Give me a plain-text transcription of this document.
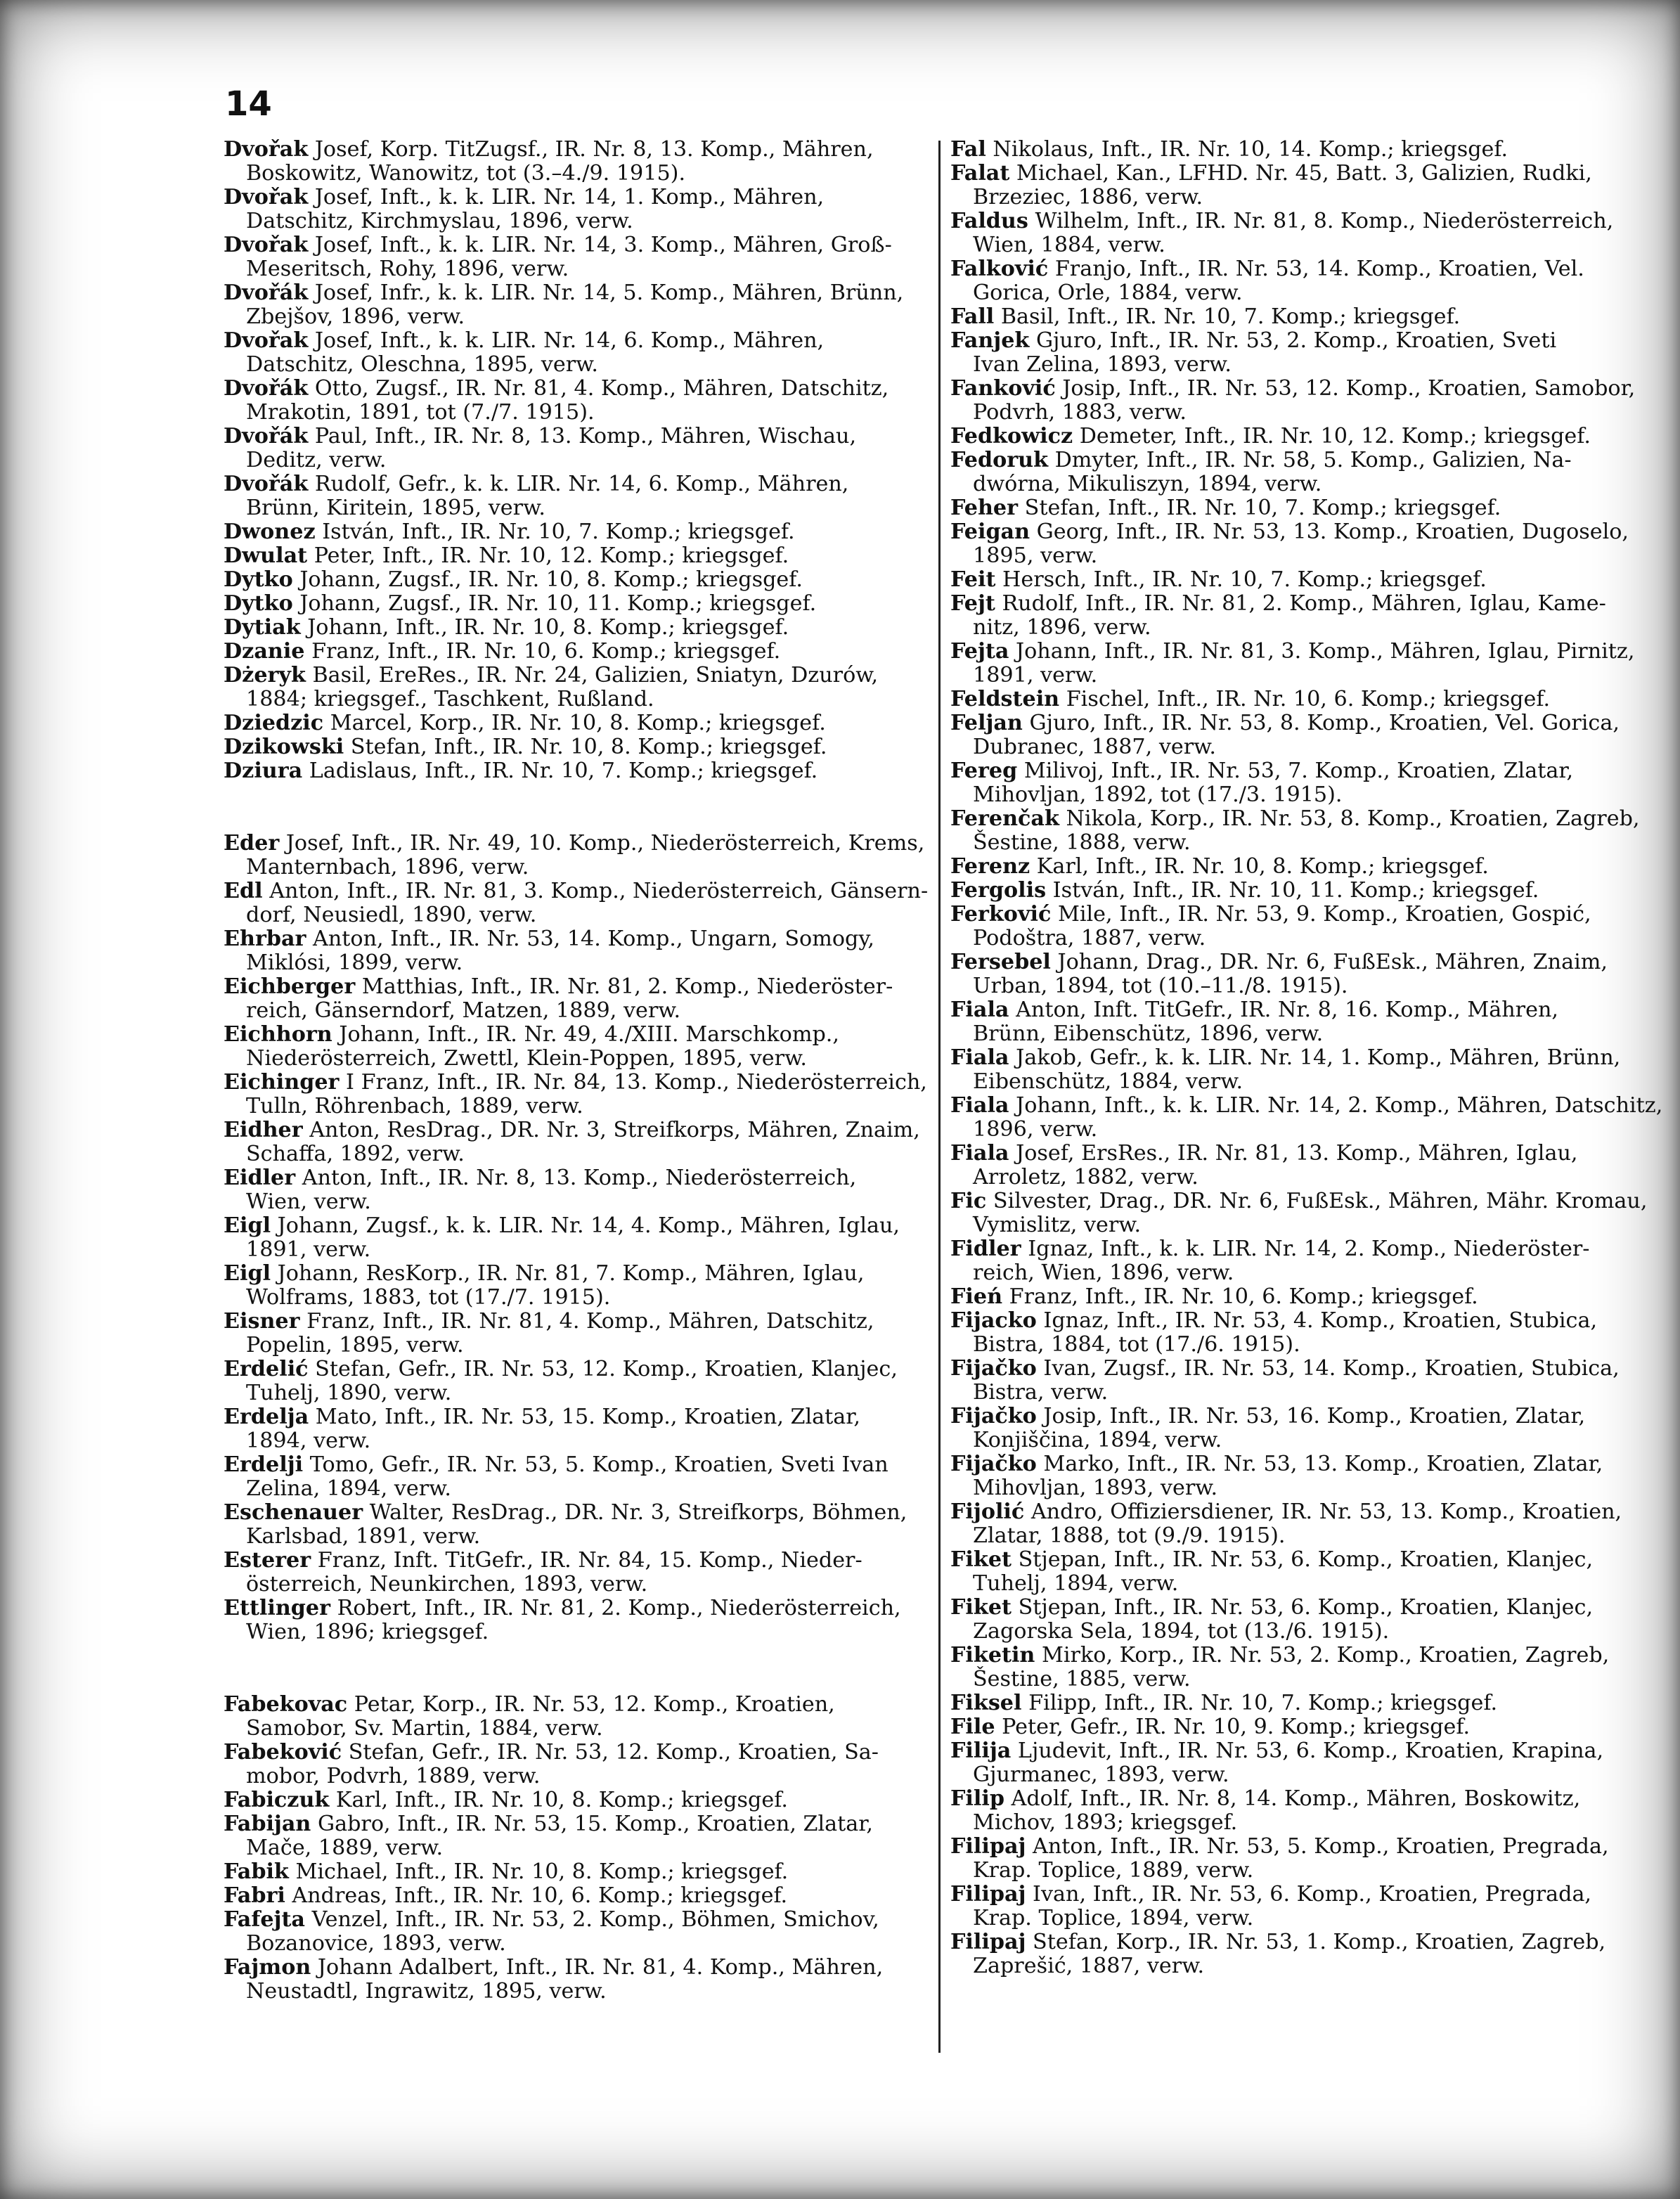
14
Dvořak Josef, Korp. TitZugsf., IR. Nr. 8, 13. Komp., Mähren,
Boskowitz, Wanowitz, tot (3.–4./9. 1915).
Dvořak Josef, Inft., k. k. LIR. Nr. 14, 1. Komp., Mähren,
Datschitz, Kirchmyslau, 1896, verw.
Dvořak Josef, Inft., k. k. LIR. Nr. 14, 3. Komp., Mähren, Groß-
Meseritsch, Rohy, 1896, verw.
Dvořák Josef, Infr., k. k. LIR. Nr. 14, 5. Komp., Mähren, Brünn,
Zbejšov, 1896, verw.
Dvořak Josef, Inft., k. k. LIR. Nr. 14, 6. Komp., Mähren,
Datschitz, Oleschna, 1895, verw.
Dvořák Otto, Zugsf., IR. Nr. 81, 4. Komp., Mähren, Datschitz,
Mrakotin, 1891, tot (7./7. 1915).
Dvořák Paul, Inft., IR. Nr. 8, 13. Komp., Mähren, Wischau,
Deditz, verw.
Dvořák Rudolf, Gefr., k. k. LIR. Nr. 14, 6. Komp., Mähren,
Brünn, Kiritein, 1895, verw.
Dwonez István, Inft., IR. Nr. 10, 7. Komp.; kriegsgef.
Dwulat Peter, Inft., IR. Nr. 10, 12. Komp.; kriegsgef.
Dytko Johann, Zugsf., IR. Nr. 10, 8. Komp.; kriegsgef.
Dytko Johann, Zugsf., IR. Nr. 10, 11. Komp.; kriegsgef.
Dytiak Johann, Inft., IR. Nr. 10, 8. Komp.; kriegsgef.
Dzanie Franz, Inft., IR. Nr. 10, 6. Komp.; kriegsgef.
Dżeryk Basil, EreRes., IR. Nr. 24, Galizien, Sniatyn, Dzurów,
1884; kriegsgef., Taschkent, Rußland.
Dziedzic Marcel, Korp., IR. Nr. 10, 8. Komp.; kriegsgef.
Dzikowski Stefan, Inft., IR. Nr. 10, 8. Komp.; kriegsgef.
Dziura Ladislaus, Inft., IR. Nr. 10, 7. Komp.; kriegsgef.
Eder Josef, Inft., IR. Nr. 49, 10. Komp., Niederösterreich, Krems,
Manternbach, 1896, verw.
Edl Anton, Inft., IR. Nr. 81, 3. Komp., Niederösterreich, Gänsern-
dorf, Neusiedl, 1890, verw.
Ehrbar Anton, Inft., IR. Nr. 53, 14. Komp., Ungarn, Somogy,
Miklósi, 1899, verw.
Eichberger Matthias, Inft., IR. Nr. 81, 2. Komp., Niederöster-
reich, Gänserndorf, Matzen, 1889, verw.
Eichhorn Johann, Inft., IR. Nr. 49, 4./XIII. Marschkomp.,
Niederösterreich, Zwettl, Klein-Poppen, 1895, verw.
Eichinger I Franz, Inft., IR. Nr. 84, 13. Komp., Niederösterreich,
Tulln, Röhrenbach, 1889, verw.
Eidher Anton, ResDrag., DR. Nr. 3, Streifkorps, Mähren, Znaim,
Schaffa, 1892, verw.
Eidler Anton, Inft., IR. Nr. 8, 13. Komp., Niederösterreich,
Wien, verw.
Eigl Johann, Zugsf., k. k. LIR. Nr. 14, 4. Komp., Mähren, Iglau,
1891, verw.
Eigl Johann, ResKorp., IR. Nr. 81, 7. Komp., Mähren, Iglau,
Wolframs, 1883, tot (17./7. 1915).
Eisner Franz, Inft., IR. Nr. 81, 4. Komp., Mähren, Datschitz,
Popelin, 1895, verw.
Erdelić Stefan, Gefr., IR. Nr. 53, 12. Komp., Kroatien, Klanjec,
Tuhelj, 1890, verw.
Erdelja Mato, Inft., IR. Nr. 53, 15. Komp., Kroatien, Zlatar,
1894, verw.
Erdelji Tomo, Gefr., IR. Nr. 53, 5. Komp., Kroatien, Sveti Ivan
Zelina, 1894, verw.
Eschenauer Walter, ResDrag., DR. Nr. 3, Streifkorps, Böhmen,
Karlsbad, 1891, verw.
Esterer Franz, Inft. TitGefr., IR. Nr. 84, 15. Komp., Nieder-
österreich, Neunkirchen, 1893, verw.
Ettlinger Robert, Inft., IR. Nr. 81, 2. Komp., Niederösterreich,
Wien, 1896; kriegsgef.
Fabekovac Petar, Korp., IR. Nr. 53, 12. Komp., Kroatien,
Samobor, Sv. Martin, 1884, verw.
Fabeković Stefan, Gefr., IR. Nr. 53, 12. Komp., Kroatien, Sa-
mobor, Podvrh, 1889, verw.
Fabiczuk Karl, Inft., IR. Nr. 10, 8. Komp.; kriegsgef.
Fabijan Gabro, Inft., IR. Nr. 53, 15. Komp., Kroatien, Zlatar,
Mače, 1889, verw.
Fabik Michael, Inft., IR. Nr. 10, 8. Komp.; kriegsgef.
Fabri Andreas, Inft., IR. Nr. 10, 6. Komp.; kriegsgef.
Fafejta Venzel, Inft., IR. Nr. 53, 2. Komp., Böhmen, Smichov,
Bozanovice, 1893, verw.
Fajmon Johann Adalbert, Inft., IR. Nr. 81, 4. Komp., Mähren,
Neustadtl, Ingrawitz, 1895, verw.
Fal Nikolaus, Inft., IR. Nr. 10, 14. Komp.; kriegsgef.
Falat Michael, Kan., LFHD. Nr. 45, Batt. 3, Galizien, Rudki,
Brzeziec, 1886, verw.
Faldus Wilhelm, Inft., IR. Nr. 81, 8. Komp., Niederösterreich,
Wien, 1884, verw.
Falković Franjo, Inft., IR. Nr. 53, 14. Komp., Kroatien, Vel.
Gorica, Orle, 1884, verw.
Fall Basil, Inft., IR. Nr. 10, 7. Komp.; kriegsgef.
Fanjek Gjuro, Inft., IR. Nr. 53, 2. Komp., Kroatien, Sveti
Ivan Zelina, 1893, verw.
Fanković Josip, Inft., IR. Nr. 53, 12. Komp., Kroatien, Samobor,
Podvrh, 1883, verw.
Fedkowicz Demeter, Inft., IR. Nr. 10, 12. Komp.; kriegsgef.
Fedoruk Dmyter, Inft., IR. Nr. 58, 5. Komp., Galizien, Na-
dwórna, Mikuliszyn, 1894, verw.
Feher Stefan, Inft., IR. Nr. 10, 7. Komp.; kriegsgef.
Feigan Georg, Inft., IR. Nr. 53, 13. Komp., Kroatien, Dugoselo,
1895, verw.
Feit Hersch, Inft., IR. Nr. 10, 7. Komp.; kriegsgef.
Fejt Rudolf, Inft., IR. Nr. 81, 2. Komp., Mähren, Iglau, Kame-
nitz, 1896, verw.
Fejta Johann, Inft., IR. Nr. 81, 3. Komp., Mähren, Iglau, Pirnitz,
1891, verw.
Feldstein Fischel, Inft., IR. Nr. 10, 6. Komp.; kriegsgef.
Feljan Gjuro, Inft., IR. Nr. 53, 8. Komp., Kroatien, Vel. Gorica,
Dubranec, 1887, verw.
Fereg Milivoj, Inft., IR. Nr. 53, 7. Komp., Kroatien, Zlatar,
Mihovljan, 1892, tot (17./3. 1915).
Ferenčak Nikola, Korp., IR. Nr. 53, 8. Komp., Kroatien, Zagreb,
Šestine, 1888, verw.
Ferenz Karl, Inft., IR. Nr. 10, 8. Komp.; kriegsgef.
Fergolis István, Inft., IR. Nr. 10, 11. Komp.; kriegsgef.
Ferković Mile, Inft., IR. Nr. 53, 9. Komp., Kroatien, Gospić,
Podoštra, 1887, verw.
Fersebel Johann, Drag., DR. Nr. 6, FußEsk., Mähren, Znaim,
Urban, 1894, tot (10.–11./8. 1915).
Fiala Anton, Inft. TitGefr., IR. Nr. 8, 16. Komp., Mähren,
Brünn, Eibenschütz, 1896, verw.
Fiala Jakob, Gefr., k. k. LIR. Nr. 14, 1. Komp., Mähren, Brünn,
Eibenschütz, 1884, verw.
Fiala Johann, Inft., k. k. LIR. Nr. 14, 2. Komp., Mähren, Datschitz,
1896, verw.
Fiala Josef, ErsRes., IR. Nr. 81, 13. Komp., Mähren, Iglau,
Arroletz, 1882, verw.
Fic Silvester, Drag., DR. Nr. 6, FußEsk., Mähren, Mähr. Kromau,
Vymislitz, verw.
Fidler Ignaz, Inft., k. k. LIR. Nr. 14, 2. Komp., Niederöster-
reich, Wien, 1896, verw.
Fień Franz, Inft., IR. Nr. 10, 6. Komp.; kriegsgef.
Fijacko Ignaz, Inft., IR. Nr. 53, 4. Komp., Kroatien, Stubica,
Bistra, 1884, tot (17./6. 1915).
Fijačko Ivan, Zugsf., IR. Nr. 53, 14. Komp., Kroatien, Stubica,
Bistra, verw.
Fijačko Josip, Inft., IR. Nr. 53, 16. Komp., Kroatien, Zlatar,
Konjiščina, 1894, verw.
Fijačko Marko, Inft., IR. Nr. 53, 13. Komp., Kroatien, Zlatar,
Mihovljan, 1893, verw.
Fijolić Andro, Offiziersdiener, IR. Nr. 53, 13. Komp., Kroatien,
Zlatar, 1888, tot (9./9. 1915).
Fiket Stjepan, Inft., IR. Nr. 53, 6. Komp., Kroatien, Klanjec,
Tuhelj, 1894, verw.
Fiket Stjepan, Inft., IR. Nr. 53, 6. Komp., Kroatien, Klanjec,
Zagorska Sela, 1894, tot (13./6. 1915).
Fiketin Mirko, Korp., IR. Nr. 53, 2. Komp., Kroatien, Zagreb,
Šestine, 1885, verw.
Fiksel Filipp, Inft., IR. Nr. 10, 7. Komp.; kriegsgef.
File Peter, Gefr., IR. Nr. 10, 9. Komp.; kriegsgef.
Filija Ljudevit, Inft., IR. Nr. 53, 6. Komp., Kroatien, Krapina,
Gjurmanec, 1893, verw.
Filip Adolf, Inft., IR. Nr. 8, 14. Komp., Mähren, Boskowitz,
Michov, 1893; kriegsgef.
Filipaj Anton, Inft., IR. Nr. 53, 5. Komp., Kroatien, Pregrada,
Krap. Toplice, 1889, verw.
Filipaj Ivan, Inft., IR. Nr. 53, 6. Komp., Kroatien, Pregrada,
Krap. Toplice, 1894, verw.
Filipaj Stefan, Korp., IR. Nr. 53, 1. Komp., Kroatien, Zagreb,
Zaprešić, 1887, verw.
